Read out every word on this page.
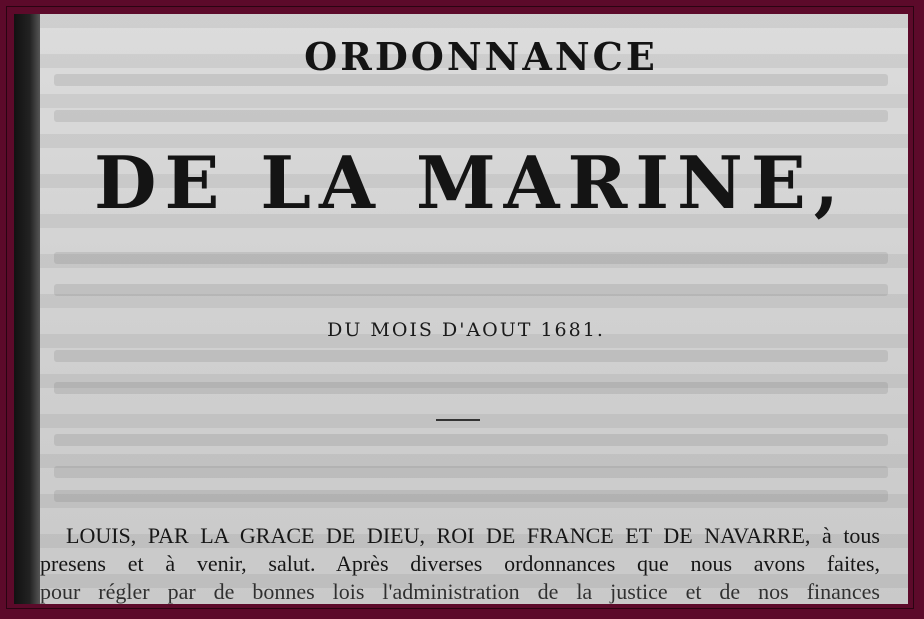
ORDONNANCE
DE LA MARINE,
DU MOIS D'AOUT 1681.

LOUIS, PAR LA GRACE DE DIEU, ROI DE FRANCE ET DE NAVARRE, à tous

presens et à venir, salut. Après diverses ordonnances que nous avons faites,

pour régler par de bonnes lois l'administration de la justice et de nos finances
